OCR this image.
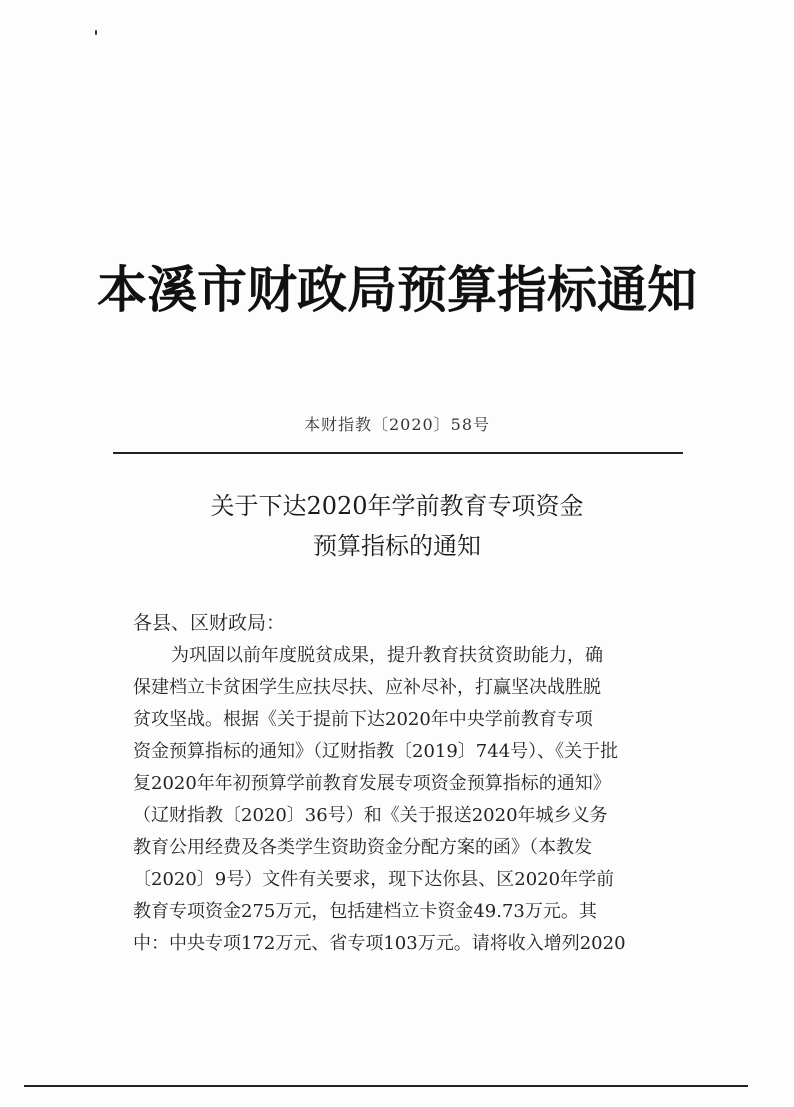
本溪市财政局预算指标通知
本财指教〔2020〕58号
关于下达2020年学前教育专项资金
预算指标的通知
各县、区财政局：
为巩固以前年度脱贫成果，提升教育扶贫资助能力，确
保建档立卡贫困学生应扶尽扶、应补尽补，打赢坚决战胜脱
贫攻坚战。根据《关于提前下达2020年中央学前教育专项
资金预算指标的通知》（辽财指教〔2019〕744号）、《关于批
复2020年年初预算学前教育发展专项资金预算指标的通知》
（辽财指教〔2020〕36号）和《关于报送2020年城乡义务
教育公用经费及各类学生资助资金分配方案的函》（本教发
〔2020〕9号）文件有关要求，现下达你县、区2020年学前
教育专项资金275万元，包括建档立卡资金49.73万元。其
中：中央专项172万元、省专项103万元。请将收入增列2020
